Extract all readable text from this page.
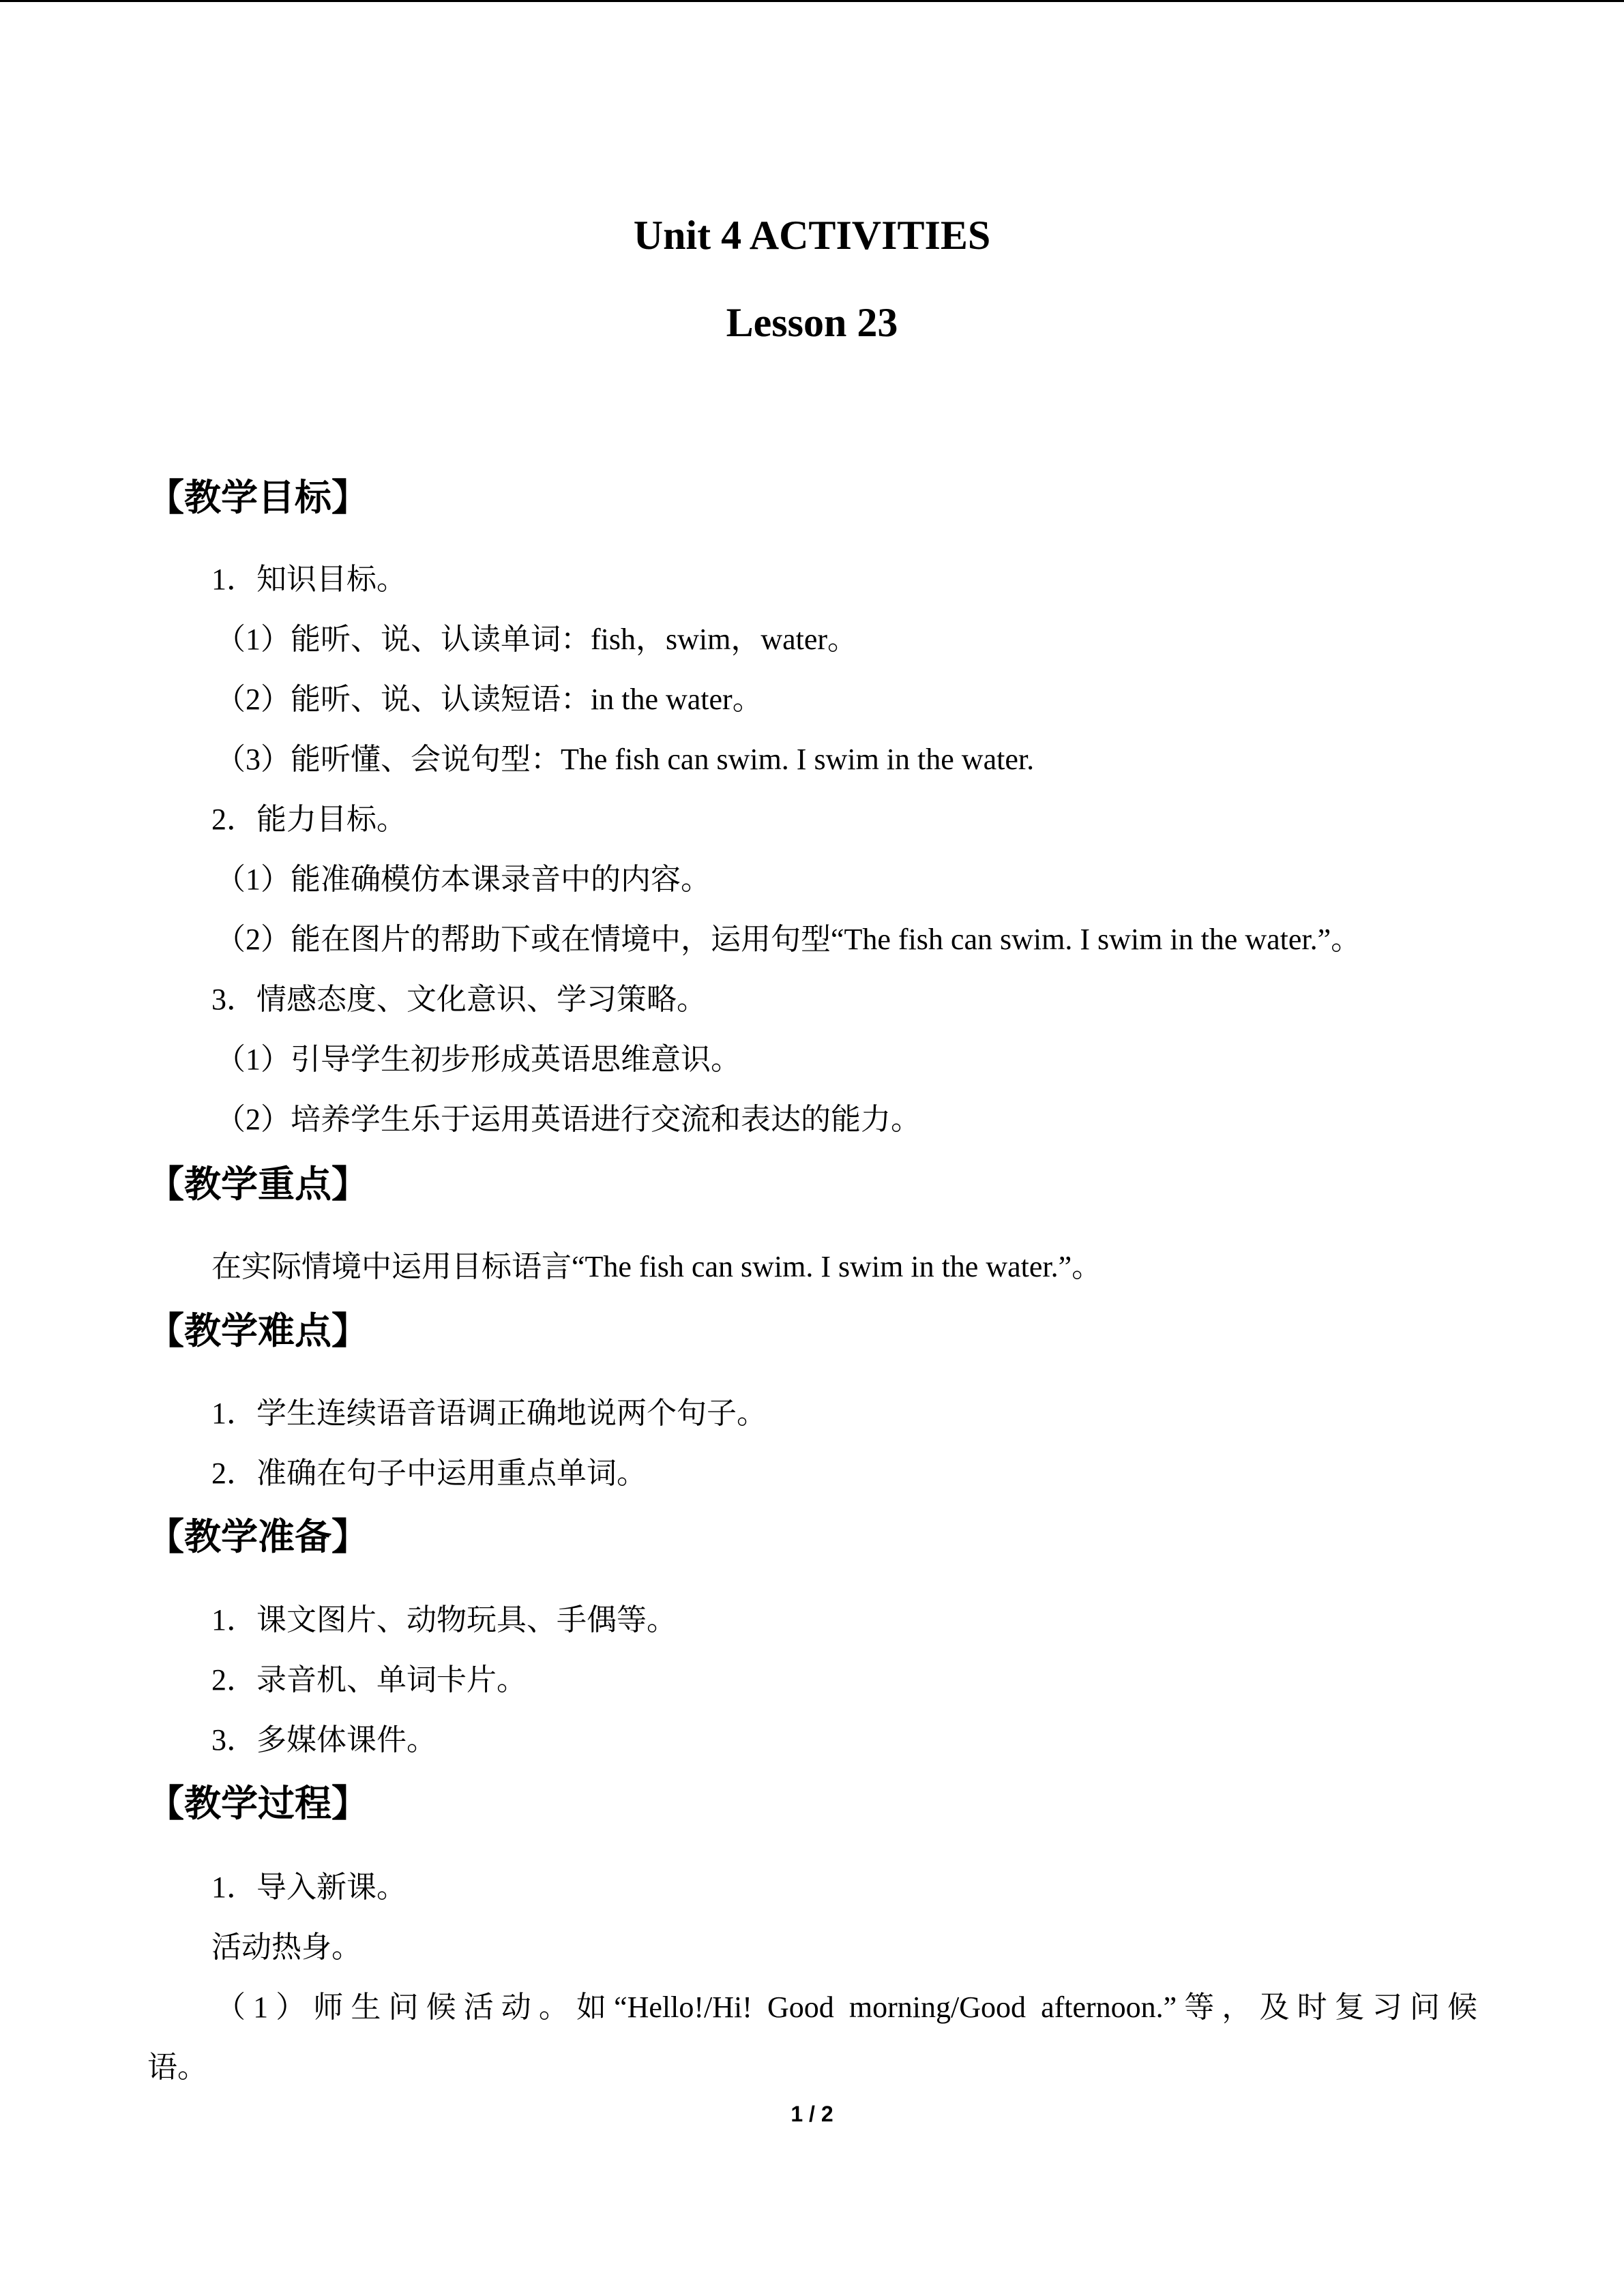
Unit 4 ACTIVITIES
Lesson 23
【教学目标】
1．知识目标。
（1）能听、说、认读单词：fish，swim，water。
（2）能听、说、认读短语：in the water。
（3）能听懂、会说句型：The fish can swim. I swim in the water.
2．能力目标。
（1）能准确模仿本课录音中的内容。
（2）能在图片的帮助下或在情境中，运用句型“The fish can swim. I swim in the water.”。
3．情感态度、文化意识、学习策略。
（1）引导学生初步形成英语思维意识。
（2）培养学生乐于运用英语进行交流和表达的能力。
【教学重点】
在实际情境中运用目标语言“The fish can swim. I swim in the water.”。
【教学难点】
1．学生连续语音语调正确地说两个句子。
2．准确在句子中运用重点单词。
【教学准备】
1．课文图片、动物玩具、手偶等。
2．录音机、单词卡片。
3．多媒体课件。
【教学过程】
1．导入新课。
活动热身。
（1）师生问候活动。如“Hello!/Hi! Good morning/Good afternoon.”等，及时复习问候
语。
1 / 2
